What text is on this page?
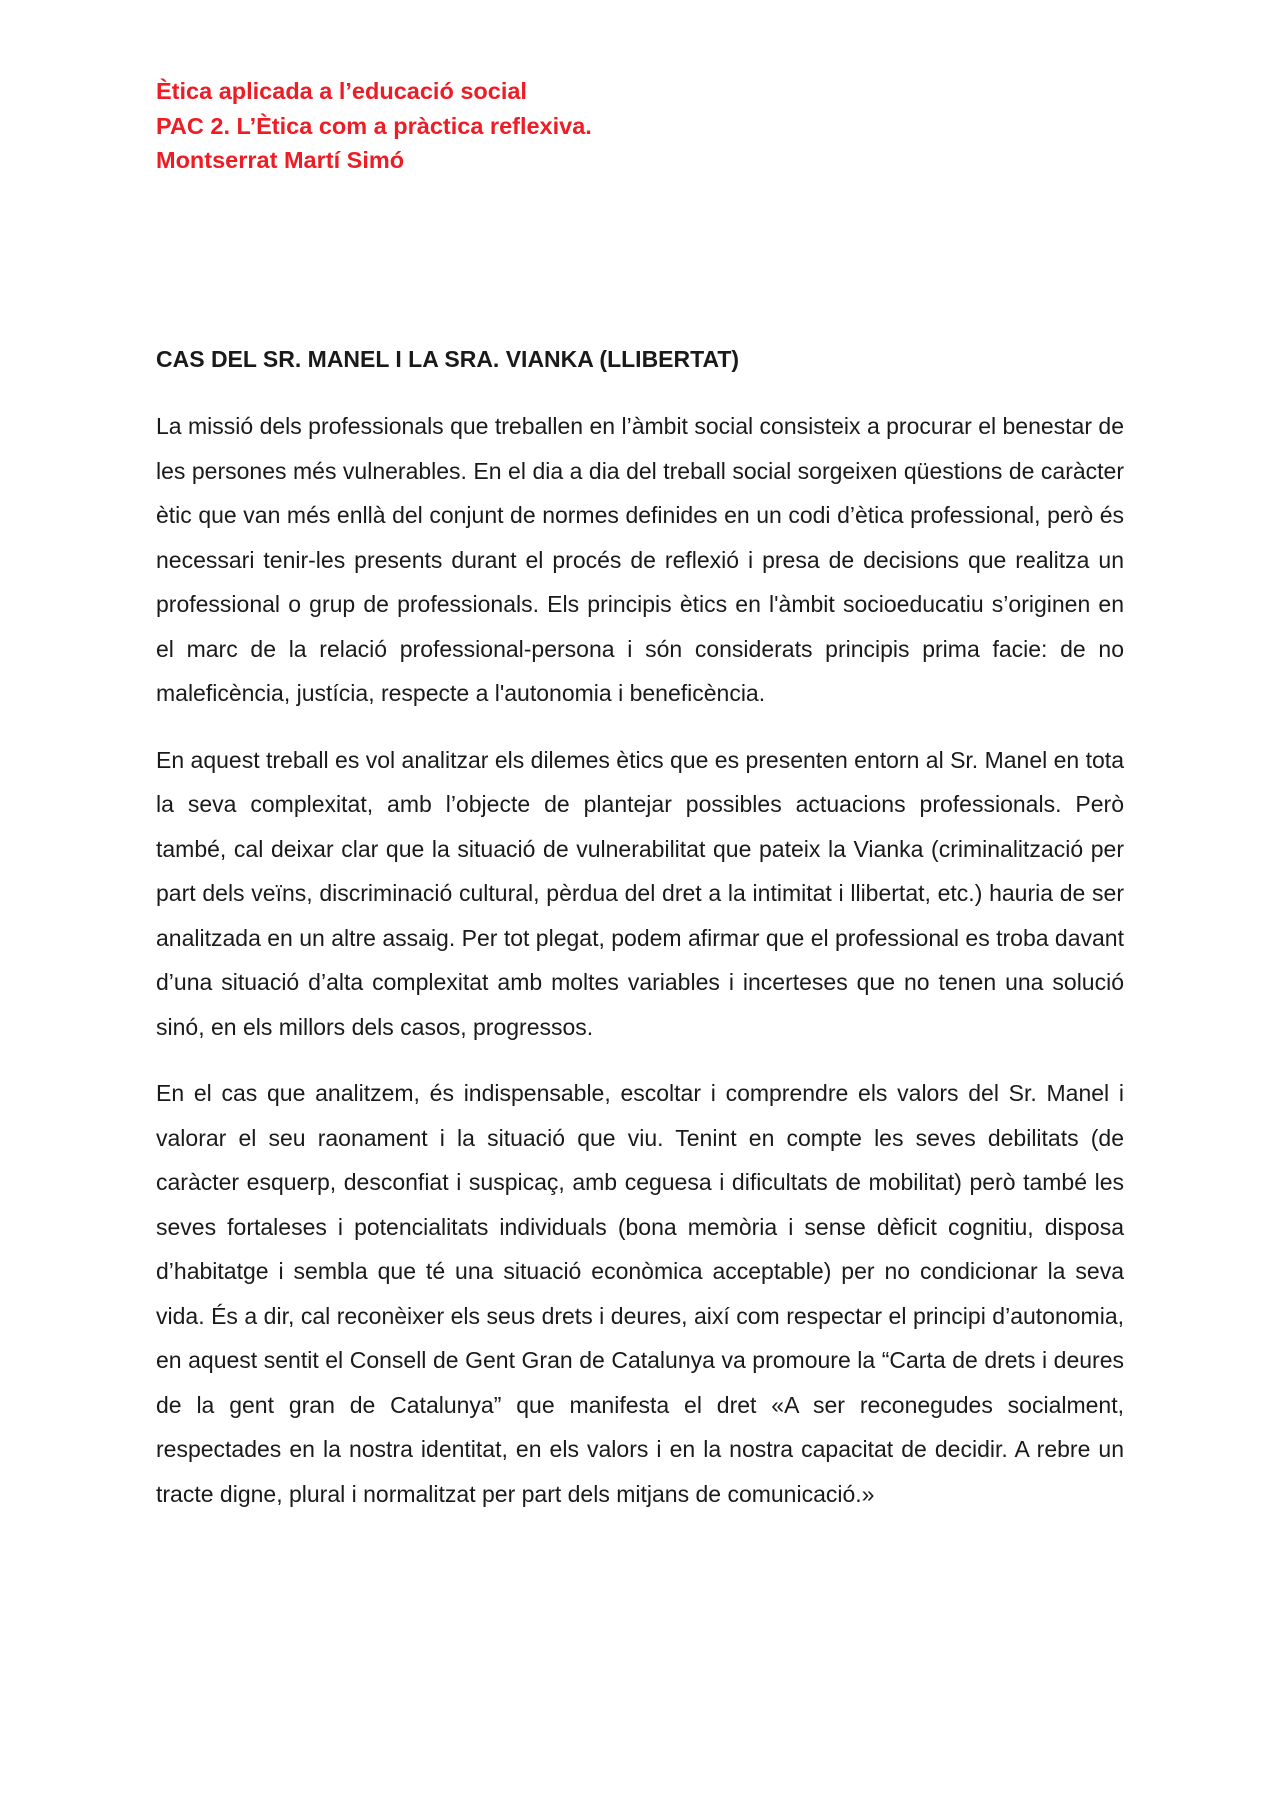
Ètica aplicada a l’educació social
PAC 2. L’Ètica com a pràctica reflexiva.
Montserrat Martí Simó
CAS DEL SR. MANEL I LA SRA. VIANKA (LLIBERTAT)

La missió dels professionals que treballen en l’àmbit social consisteix a procurar el benestar de les persones més vulnerables. En el dia a dia del treball social sorgeixen qüestions de caràcter ètic que van més enllà del conjunt de normes definides en un codi d’ètica professional, però és necessari tenir-les presents durant el procés de reflexió i presa de decisions que realitza un professional o grup de professionals. Els principis ètics en l'àmbit socioeducatiu s’originen en el marc de la relació professional-persona i són considerats principis prima facie: de no maleficència, justícia, respecte a l'autonomia i beneficència.

En aquest treball es vol analitzar els dilemes ètics que es presenten entorn al Sr. Manel en tota la seva complexitat, amb l’objecte de plantejar possibles actuacions professionals. Però també, cal deixar clar que la situació de vulnerabilitat que pateix la Vianka (criminalització per part dels veïns, discriminació cultural, pèrdua del dret a la intimitat i llibertat, etc.) hauria de ser analitzada en un altre assaig. Per tot plegat, podem afirmar que el professional es troba davant d’una situació d’alta complexitat amb moltes variables i incerteses que no tenen una solució sinó, en els millors dels casos, progressos.

En el cas que analitzem, és indispensable, escoltar i comprendre els valors del Sr. Manel i valorar el seu raonament i la situació que viu. Tenint en compte les seves debilitats (de caràcter esquerp, desconfiat i suspicaç, amb ceguesa i dificultats de mobilitat) però també les seves fortaleses i potencialitats individuals (bona memòria i sense dèficit cognitiu, disposa d’habitatge i sembla que té una situació econòmica acceptable) per no condicionar la seva vida. És a dir, cal reconèixer els seus drets i deures, així com respectar el principi d’autonomia, en aquest sentit el Consell de Gent Gran de Catalunya va promoure la “Carta de drets i deures de la gent gran de Catalunya” que manifesta el dret «A ser reconegudes socialment, respectades en la nostra identitat, en els valors i en la nostra capacitat de decidir. A rebre un tracte digne, plural i normalitzat per part dels mitjans de comunicació.»
